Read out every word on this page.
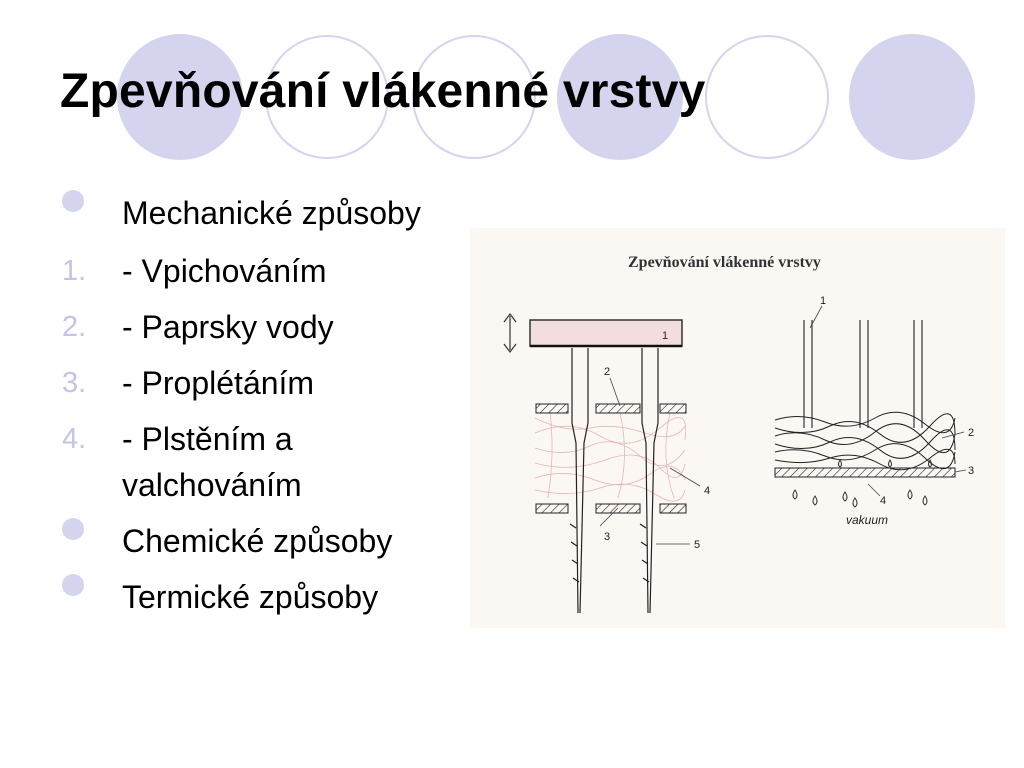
Zpevňování vlákenné vrstvy
Mechanické způsoby
1. - Vpichováním
2. - Paprsky vody
3. - Proplétáním
4. - Plstěním a valchováním
Chemické způsoby
Termické způsoby
1
2
4
3
5
1
2
3
4
vakuum
Zpevňování vlákenné vrstvy
